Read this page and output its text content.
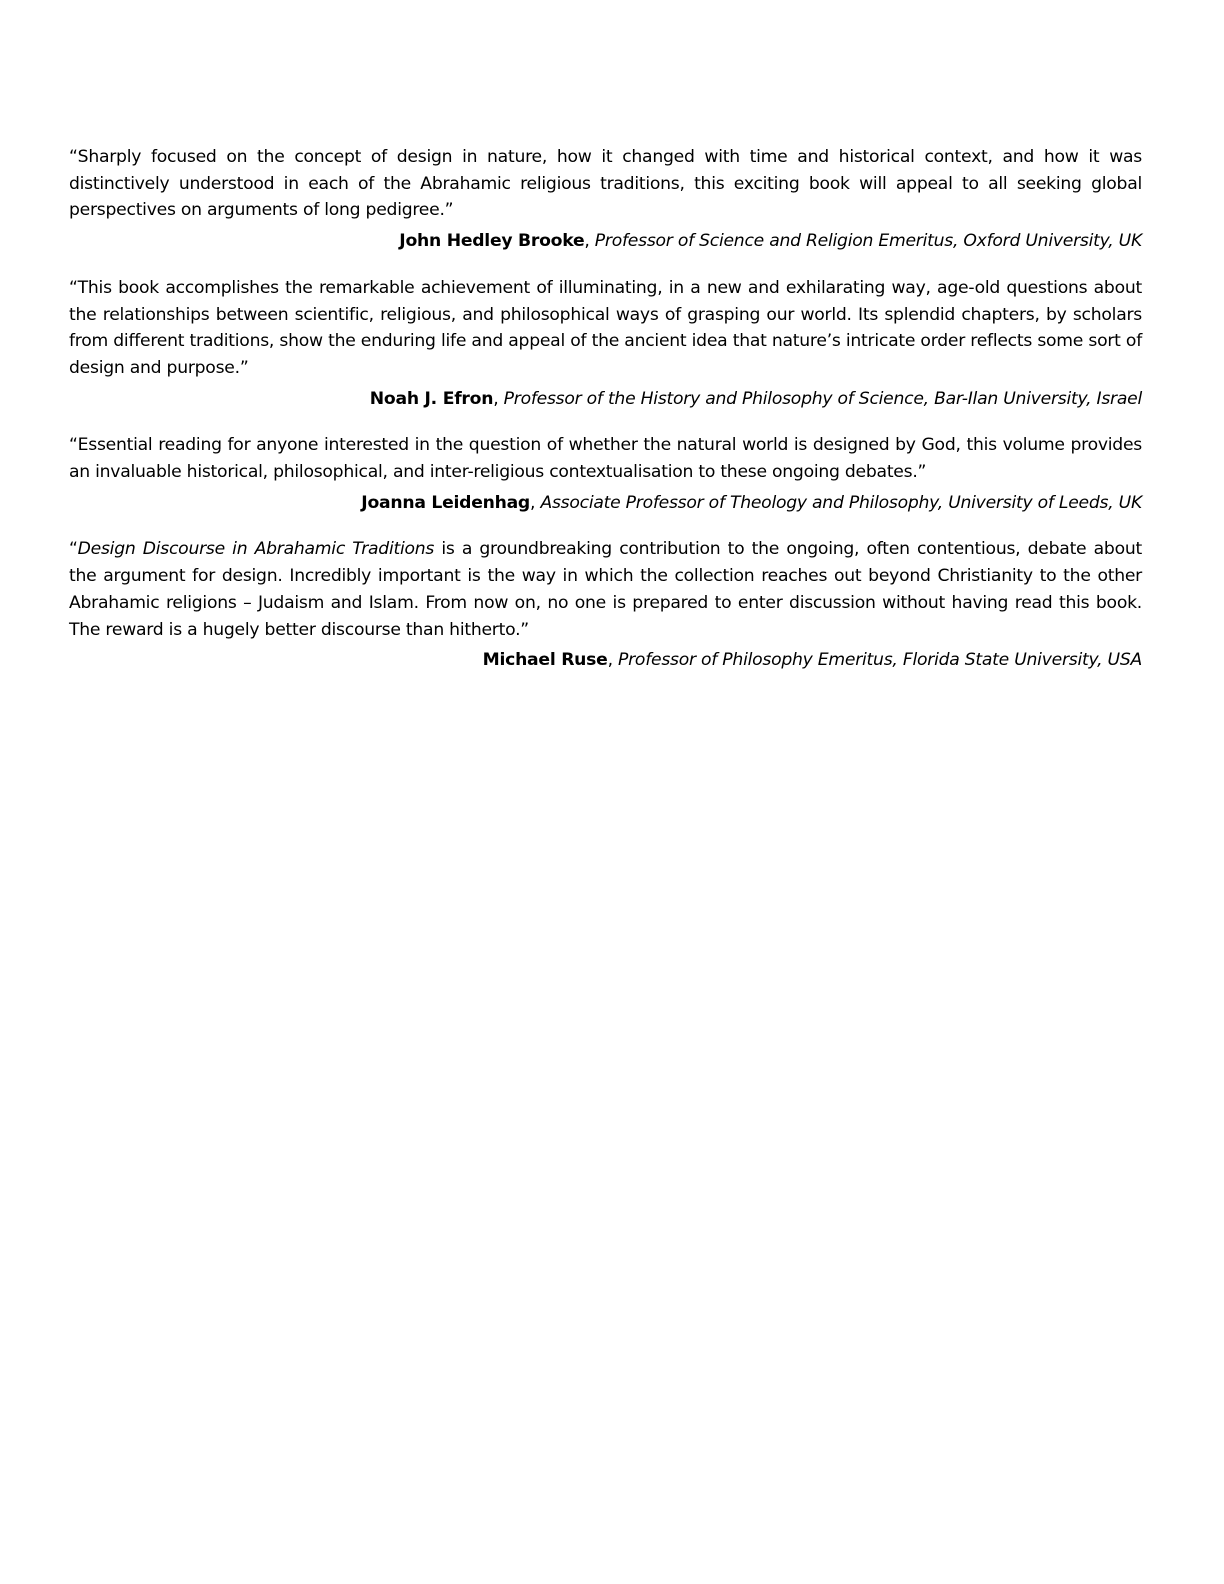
“Sharply focused on the concept of design in nature, how it changed with time and historical context, and how it was distinctively understood in each of the Abrahamic religious traditions, this exciting book will appeal to all seeking global perspectives on arguments of long pedigree.”

John Hedley Brooke, Professor of Science and Religion Emeritus, Oxford University, UK

“This book accomplishes the remarkable achievement of illuminating, in a new and exhilarating way, age-old questions about the relationships between scientific, religious, and philosophical ways of grasping our world. Its splendid chapters, by scholars from different traditions, show the enduring life and appeal of the ancient idea that nature’s intricate order reflects some sort of design and purpose.”

Noah J. Efron, Professor of the History and Philosophy of Science, Bar-Ilan University, Israel

“Essential reading for anyone interested in the question of whether the natural world is designed by God, this volume provides an invaluable historical, philosophical, and inter-religious contextualisation to these ongoing debates.”

Joanna Leidenhag, Associate Professor of Theology and Philosophy, University of Leeds, UK

“Design Discourse in Abrahamic Traditions is a groundbreaking contribution to the ongoing, often contentious, debate about the argument for design. Incredibly important is the way in which the collection reaches out beyond Christianity to the other Abrahamic religions – Judaism and Islam. From now on, no one is prepared to enter discussion without having read this book. The reward is a hugely better discourse than hitherto.”

Michael Ruse, Professor of Philosophy Emeritus, Florida State University, USA
